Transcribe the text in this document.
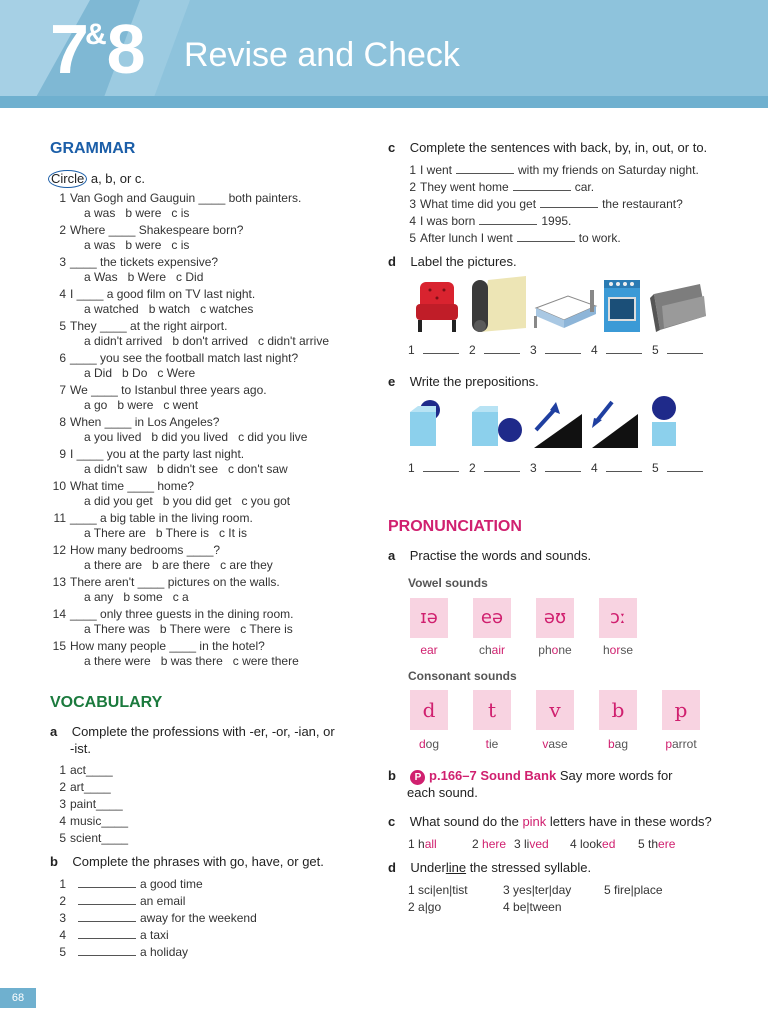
7&8 Revise and Check
GRAMMAR
Circle a, b, or c.
1 Van Gogh and Gauguin ____ both painters.
a was   b were   c is
2 Where ____ Shakespeare born?
a was   b were   c is
3 ____ the tickets expensive?
a Was   b Were   c Did
4 I ____ a good film on TV last night.
a watched   b watch   c watches
5 They ____ at the right airport.
a didn't arrived   b don't arrived   c didn't arrive
6 ____ you see the football match last night?
a Did   b Do   c Were
7 We ____ to Istanbul three years ago.
a go   b were   c went
8 When ____ in Los Angeles?
a you lived   b did you lived   c did you live
9 I ____ you at the party last night.
a didn't saw   b didn't see   c don't saw
10 What time ____ home?
a did you get   b you did get   c you got
11 ____ a big table in the living room.
a There are   b There is   c It is
12 How many bedrooms ____?
a there are   b are there   c are they
13 There aren't ____ pictures on the walls.
a any   b some   c a
14 ____ only three guests in the dining room.
a There was   b There were   c There is
15 How many people ____ in the hotel?
a there were   b was there   c were there
VOCABULARY
a Complete the professions with -er, -or, -ian, or
-ist.
1 act____
2 art____
3 paint____
4 music____
5 scient____
b Complete the phrases with go, have, or get.
1	a good time
2	an email
3	away for the weekend
4	a taxi
5	a holiday
c Complete the sentences with back, by, in, out, or to.
1 I went	with my friends on Saturday night.
2 They went home	car.
3 What time did you get	the restaurant?
4 I was born	1995.
5 After lunch I went	to work.
d Label the pictures.
1	2	3	4	5
e Write the prepositions.
1	2	3	4	5
PRONUNCIATION
a Practise the words and sounds.
Vowel sounds
ɪə
ear
eə
chair
əʊ
phone
ɔː
horse
Consonant sounds
d
dog
t
tie
v
vase
b
bag
p
parrot
b P p.166–7 Sound Bank Say more words for
each sound.
c What sound do the pink letters have in these words?
1 hall	2 here 3 lived 4 looked 5 there
d Underline the stressed syllable.
1 sci|en|tist
2 a|go
3 yes|ter|day
4 be|tween
5 fire|place
68
